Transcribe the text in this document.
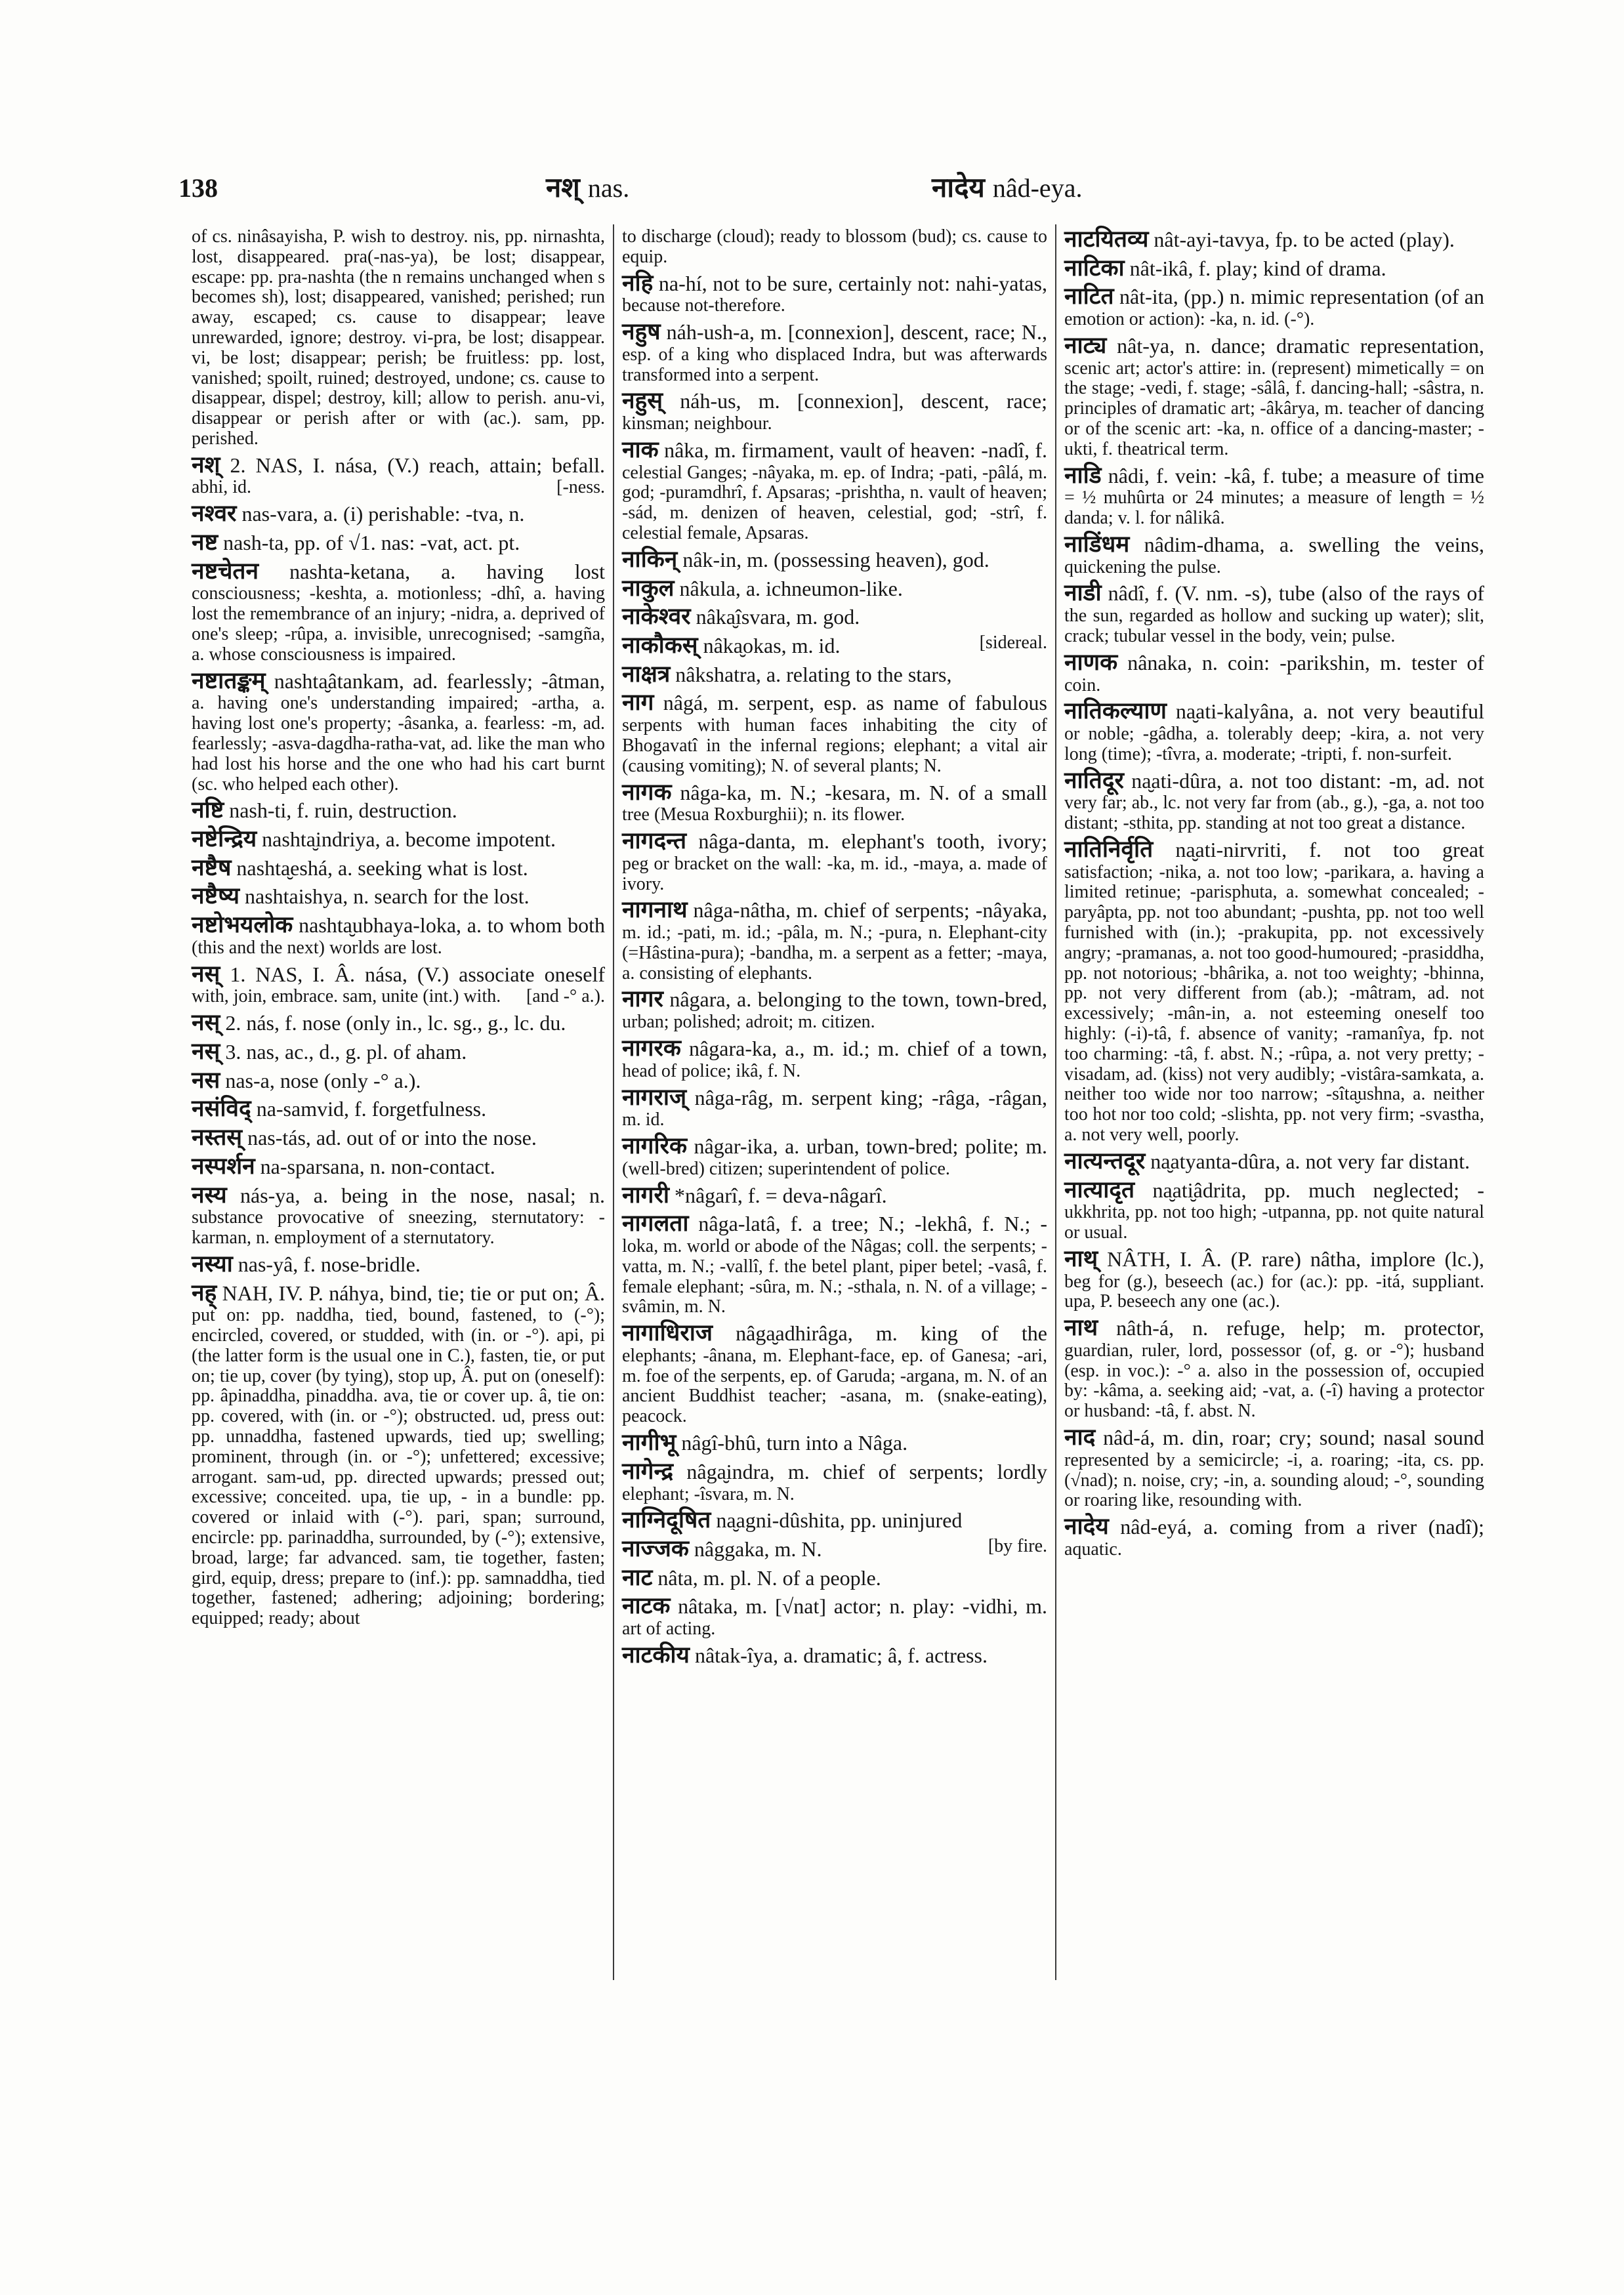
138	नश् nas.	नादेय nâd-eya.

of cs. ninâsayisha, P. wish to destroy. nis, pp. nirnashta, lost, disappeared. pra(-nas-ya), be lost; disappear, escape: pp. pra-nashta (the n remains unchanged when s becomes sh), lost; disappeared, vanished; perished; run away, escaped; cs. cause to disappear; leave unrewarded, ignore; destroy. vi-pra, be lost; disappear. vi, be lost; disappear; perish; be fruitless: pp. lost, vanished; spoilt, ruined; destroyed, undone; cs. cause to disappear, dispel; destroy, kill; allow to perish. anu-vi, disappear or perish after or with (ac.). sam, pp. perished.

नश् 2. NAS, I. nása, (V.) reach, attain; befall. abhi, id.	[-ness.

नश्वर nas-vara, a. (i) perishable: -tva, n.

नष्ट nash-ta, pp. of √1. nas: -vat, act. pt.

नष्टचेतन nashta-ketana, a. having lost consciousness; -keshta, a. motionless; -dhî, a. having lost the remembrance of an injury; -nidra, a. deprived of one's sleep; -rûpa, a. invisible, unrecognised; -samgña, a. whose consciousness is impaired.

नष्टातङ्कम् nashta̮âtankam, ad. fearlessly; -âtman, a. having one's understanding impaired; -artha, a. having lost one's property; -âsanka, a. fearless: -m, ad. fearlessly; -asva-dagdha-ratha-vat, ad. like the man who had lost his horse and the one who had his cart burnt (sc. who helped each other).

नष्टि nash-ti, f. ruin, destruction.

नष्टेन्द्रिय nashta̮indriya, a. become impotent.

नष्टैष nashta̮eshá, a. seeking what is lost.

नष्टैष्य nashtaishya, n. search for the lost.

नष्टोभयलोक nashta̮ubhaya-loka, a. to whom both (this and the next) worlds are lost.

नस् 1. NAS, I. Â. nása, (V.) associate oneself with, join, embrace. sam, unite (int.) with. [and -° a.).

नस् 2. nás, f. nose (only in., lc. sg., g., lc. du.

नस् 3. nas, ac., d., g. pl. of aham.

नस nas-a, nose (only -° a.).

नसंविद् na-samvid, f. forgetfulness.

नस्तस् nas-tás, ad. out of or into the nose.

नस्पर्शन na-sparsana, n. non-contact.

नस्य nás-ya, a. being in the nose, nasal; n. substance provocative of sneezing, sternutatory: -karman, n. employment of a sternutatory.

नस्या nas-yâ, f. nose-bridle.

नह् NAH, IV. P. náhya, bind, tie; tie or put on; Â. put on: pp. naddha, tied, bound, fastened, to (-°); encircled, covered, or studded, with (in. or -°). api, pi (the latter form is the usual one in C.), fasten, tie, or put on; tie up, cover (by tying), stop up, Â. put on (oneself): pp. âpinaddha, pinaddha. ava, tie or cover up. â, tie on: pp. covered, with (in. or -°); obstructed. ud, press out: pp. unnaddha, fastened upwards, tied up; swelling; prominent, through (in. or -°); unfettered; excessive; arrogant. sam-ud, pp. directed upwards; pressed out; excessive; conceited. upa, tie up, - in a bundle: pp. covered or inlaid with (-°). pari, span; surround, encircle: pp. parinaddha, surrounded, by (-°); extensive, broad, large; far advanced. sam, tie together, fasten; gird, equip, dress; prepare to (inf.): pp. samnaddha, tied together, fastened; adhering; adjoining; bordering; equipped; ready; about

to discharge (cloud); ready to blossom (bud); cs. cause to equip.

नहि na-hí, not to be sure, certainly not: nahi-yatas, because not-therefore.

नहुष náh-ush-a, m. [connexion], descent, race; N., esp. of a king who displaced Indra, but was afterwards transformed into a serpent.

नहुस् náh-us, m. [connexion], descent, race; kinsman; neighbour.

नाक nâka, m. firmament, vault of heaven: -nadî, f. celestial Ganges; -nâyaka, m. ep. of Indra; -pati, -pâlá, m. god; -puramdhrî, f. Apsaras; -prishtha, n. vault of heaven; -sád, m. denizen of heaven, celestial, god; -strî, f. celestial female, Apsaras.

नाकिन् nâk-in, m. (possessing heaven), god.

नाकुल nâkula, a. ichneumon-like.

नाकेश्वर nâka̮îsvara, m. god.

नाकौकस् nâka̮okas, m. id.	[sidereal.

नाक्षत्र nâkshatra, a. relating to the stars,

नाग nâgá, m. serpent, esp. as name of fabulous serpents with human faces inhabiting the city of Bhogavatî in the infernal regions; elephant; a vital air (causing vomiting); N. of several plants; N.

नागक nâga-ka, m. N.; -kesara, m. N. of a small tree (Mesua Roxburghii); n. its flower.

नागदन्त nâga-danta, m. elephant's tooth, ivory; peg or bracket on the wall: -ka, m. id., -maya, a. made of ivory.

नागनाथ nâga-nâtha, m. chief of serpents; -nâyaka, m. id.; -pati, m. id.; -pâla, m. N.; -pura, n. Elephant-city (=Hâstina-pura); -bandha, m. a serpent as a fetter; -maya, a. consisting of elephants.

नागर nâgara, a. belonging to the town, town-bred, urban; polished; adroit; m. citizen.

नागरक nâgara-ka, a., m. id.; m. chief of a town, head of police; ikâ, f. N.

नागराज् nâga-râg, m. serpent king; -râga, -râgan, m. id.

नागरिक nâgar-ika, a. urban, town-bred; polite; m. (well-bred) citizen; superintendent of police.

नागरी *nâgarî, f. = deva-nâgarî.

नागलता nâga-latâ, f. a tree; N.; -lekhâ, f. N.; -loka, m. world or abode of the Nâgas; coll. the serpents; -vatta, m. N.; -vallî, f. the betel plant, piper betel; -vasâ, f. female elephant; -sûra, m. N.; -sthala, n. N. of a village; -svâmin, m. N.

नागाधिराज nâga̮adhirâga, m. king of the elephants; -ânana, m. Elephant-face, ep. of Ganesa; -ari, m. foe of the serpents, ep. of Garuda; -argana, m. N. of an ancient Buddhist teacher; -asana, m. (snake-eating), peacock.

नागीभू nâgî-bhû, turn into a Nâga.

नागेन्द्र nâga̮indra, m. chief of serpents; lordly elephant; -îsvara, m. N.

नाग्निदूषित na̮agni-dûshita, pp. uninjured

नाज्जक nâggaka, m. N.	[by fire.

नाट nâta, m. pl. N. of a people.

नाटक nâtaka, m. [√nat] actor; n. play: -vidhi, m. art of acting.

नाटकीय nâtak-îya, a. dramatic; â, f. actress.

नाटयितव्य nât-ayi-tavya, fp. to be acted (play).

नाटिका nât-ikâ, f. play; kind of drama.

नाटित nât-ita, (pp.) n. mimic representation (of an emotion or action): -ka, n. id. (-°).

नाट्य nât-ya, n. dance; dramatic representation, scenic art; actor's attire: in. (represent) mimetically = on the stage; -vedi, f. stage; -sâlâ, f. dancing-hall; -sâstra, n. principles of dramatic art; -âkârya, m. teacher of dancing or of the scenic art: -ka, n. office of a dancing-master; -ukti, f. theatrical term.

नाडि nâdi, f. vein: -kâ, f. tube; a measure of time = ½ muhûrta or 24 minutes; a measure of length = ½ danda; v. l. for nâlikâ.

नाडिंधम nâdim-dhama, a. swelling the veins, quickening the pulse.

नाडी nâdî, f. (V. nm. -s), tube (also of the rays of the sun, regarded as hollow and sucking up water); slit, crack; tubular vessel in the body, vein; pulse.

नाणक nânaka, n. coin: -parikshin, m. tester of coin.

नातिकल्याण na̮ati-kalyâna, a. not very beautiful or noble; -gâdha, a. tolerably deep; -kira, a. not very long (time); -tîvra, a. moderate; -tripti, f. non-surfeit.

नातिदूर na̮ati-dûra, a. not too distant: -m, ad. not very far; ab., lc. not very far from (ab., g.), -ga, a. not too distant; -sthita, pp. standing at not too great a distance.

नातिनिर्वृति na̮ati-nirvriti, f. not too great satisfaction; -nika, a. not too low; -parikara, a. having a limited retinue; -parisphuta, a. somewhat concealed; -paryâpta, pp. not too abundant; -pushta, pp. not too well furnished with (in.); -prakupita, pp. not excessively angry; -pramanas, a. not too good-humoured; -prasiddha, pp. not notorious; -bhârika, a. not too weighty; -bhinna, pp. not very different from (ab.); -mâtram, ad. not excessively; -mân-in, a. not esteeming oneself too highly: (-i)-tâ, f. absence of vanity; -ramanîya, fp. not too charming: -tâ, f. abst. N.; -rûpa, a. not very pretty; -visadam, ad. (kiss) not very audibly; -vistâra-samkata, a. neither too wide nor too narrow; -sîta̮ushna, a. neither too hot nor too cold; -slishta, pp. not very firm; -svastha, a. not very well, poorly.

नात्यन्तदूर na̮atyanta-dûra, a. not very far distant.

नात्यादृत na̮ati̮âdrita, pp. much neglected; -ukkhrita, pp. not too high; -utpanna, pp. not quite natural or usual.

नाथ् NÂTH, I. Â. (P. rare) nâtha, implore (lc.), beg for (g.), beseech (ac.) for (ac.): pp. -itá, suppliant. upa, P. beseech any one (ac.).

नाथ nâth-á, n. refuge, help; m. protector, guardian, ruler, lord, possessor (of, g. or -°); husband (esp. in voc.): -° a. also in the possession of, occupied by: -kâma, a. seeking aid; -vat, a. (-î) having a protector or husband: -tâ, f. abst. N.

नाद nâd-á, m. din, roar; cry; sound; nasal sound represented by a semicircle; -i, a. roaring; -ita, cs. pp. (√nad); n. noise, cry; -in, a. sounding aloud; -°, sounding or roaring like, resounding with.

नादेय nâd-eyá, a. coming from a river (nadî); aquatic.
